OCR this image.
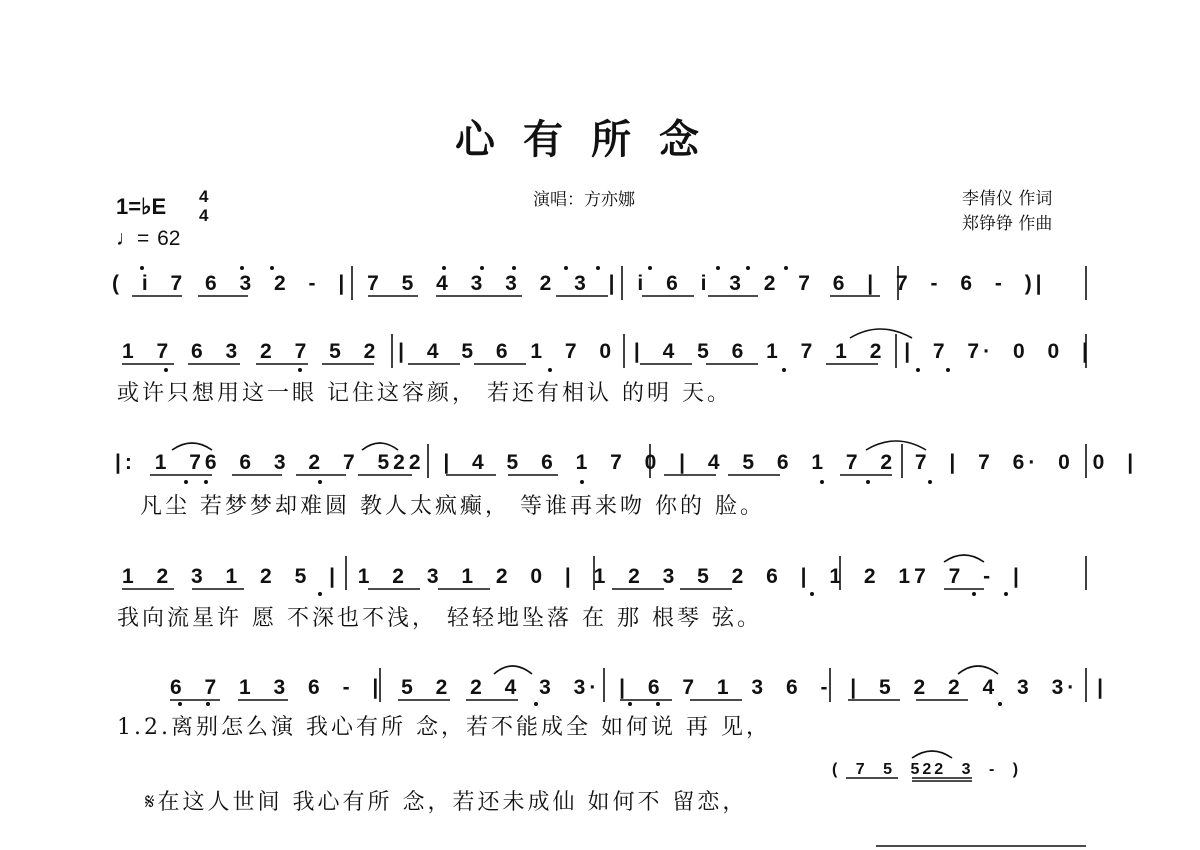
心有所念
1=♭E 4
4
♩= 62
演唱：方亦娜	李倩仪 作词
郑铮铮 作曲
( i 7 6 3 2 - | 7 5 4 3 3 2 3 | i 6 i 3 2 7 6 | 7 - 6 - )|
1 7 6 3 2 7 5 2 | 4 5 6 1 7 0 | 4 5 6 1 7 1 2 | 7 7· 0 0 |
或许只想用这一眼 记住这容颜， 若还有相认 的明 天。
|: 1 76 6 3 2 7 522 | 4 5 6 1 7 0 | 4 5 6 1 7 2 7 | 7 6· 0 0 |
凡尘 若梦梦却难圆 教人太疯癫， 等谁再来吻 你的 脸。
1 2 3 1 2 5 | 1 2 3 1 2 0 | 1 2 3 5 2 6 | 1 2 17 7 - |
我向流星许 愿 不深也不浅， 轻轻地坠落 在 那 根琴 弦。
6 7 1 3 6 - | 5 2 2 4 3 3· | 6 7 1 3 6 - | 5 2 2 4 3 3· |
1.2.离别怎么演 我心有所 念，若不能成全 如何说 再 见，
( 7 5 522 3 - )
𝄋在这人世间 我心有所 念，若还未成仙 如何不 留恋，
